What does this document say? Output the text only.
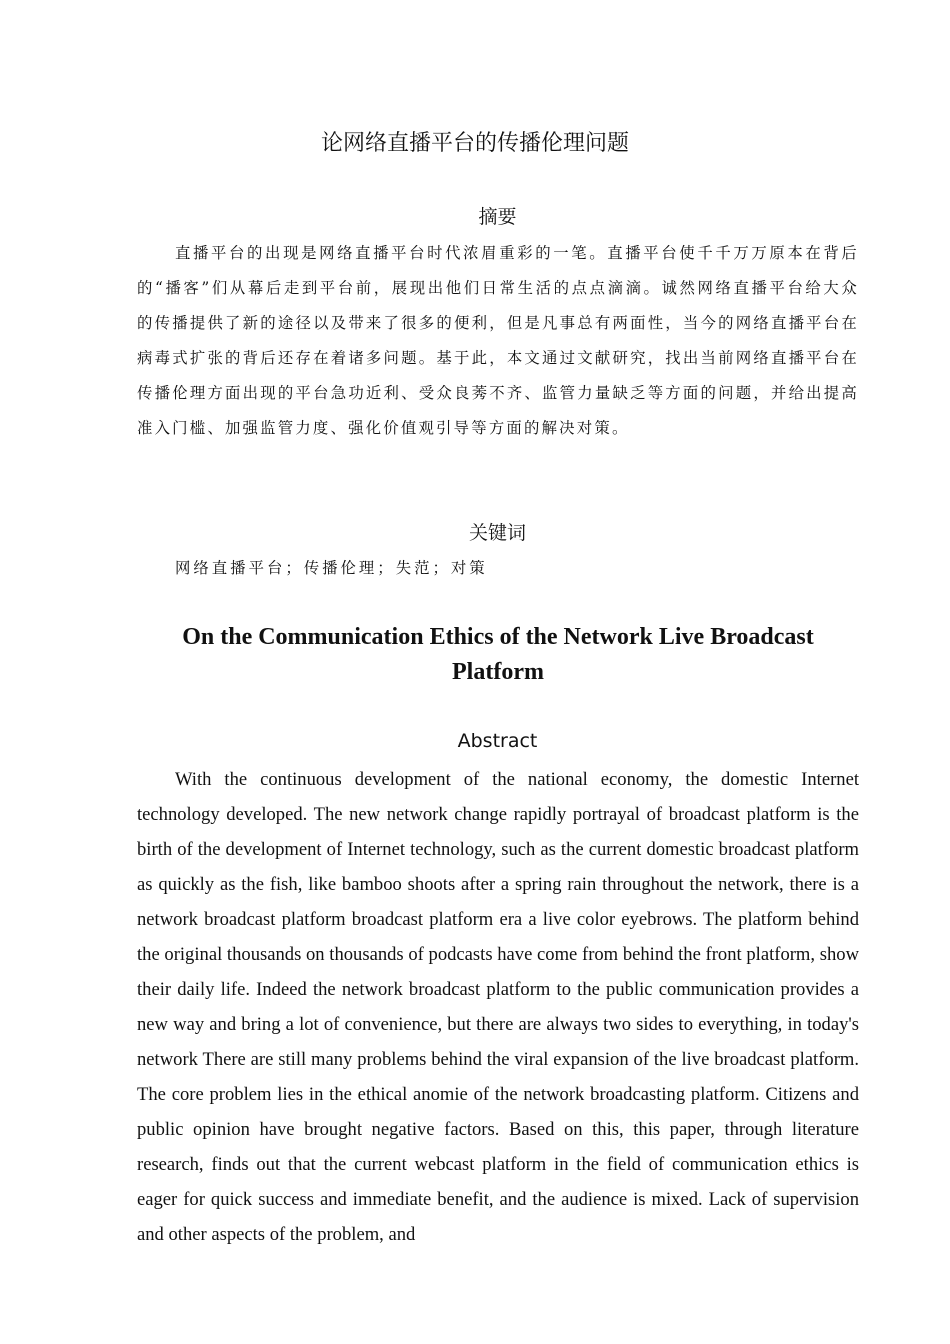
论网络直播平台的传播伦理问题
摘要

直播平台的出现是网络直播平台时代浓眉重彩的一笔。直播平台使千千万万原本在背后的“播客”们从幕后走到平台前，展现出他们日常生活的点点滴滴。诚然网络直播平台给大众的传播提供了新的途径以及带来了很多的便利，但是凡事总有两面性，当今的网络直播平台在病毒式扩张的背后还存在着诸多问题。基于此，本文通过文献研究，找出当前网络直播平台在传播伦理方面出现的平台急功近利、受众良莠不齐、监管力量缺乏等方面的问题，并给出提高准入门槛、加强监管力度、强化价值观引导等方面的解决对策。

关键词

网络直播平台；传播伦理；失范；对策

On the Communication Ethics of the Network Live Broadcast Platform
Abstract

With the continuous development of the national economy, the domestic Internet technology developed. The new network change rapidly portrayal of broadcast platform is the birth of the development of Internet technology, such as the current domestic broadcast platform as quickly as the fish, like bamboo shoots after a spring rain throughout the network, there is a network broadcast platform broadcast platform era a live color eyebrows. The platform behind the original thousands on thousands of podcasts have come from behind the front platform, show their daily life. Indeed the network broadcast platform to the public communication provides a new way and bring a lot of convenience, but there are always two sides to everything, in today's network There are still many problems behind the viral expansion of the live broadcast platform. The core problem lies in the ethical anomie of the network broadcasting platform. Citizens and public opinion have brought negative factors. Based on this, this paper, through literature research, finds out that the current webcast platform in the field of communication ethics is eager for quick success and immediate benefit, and the audience is mixed. Lack of supervision and other aspects of the problem, and
